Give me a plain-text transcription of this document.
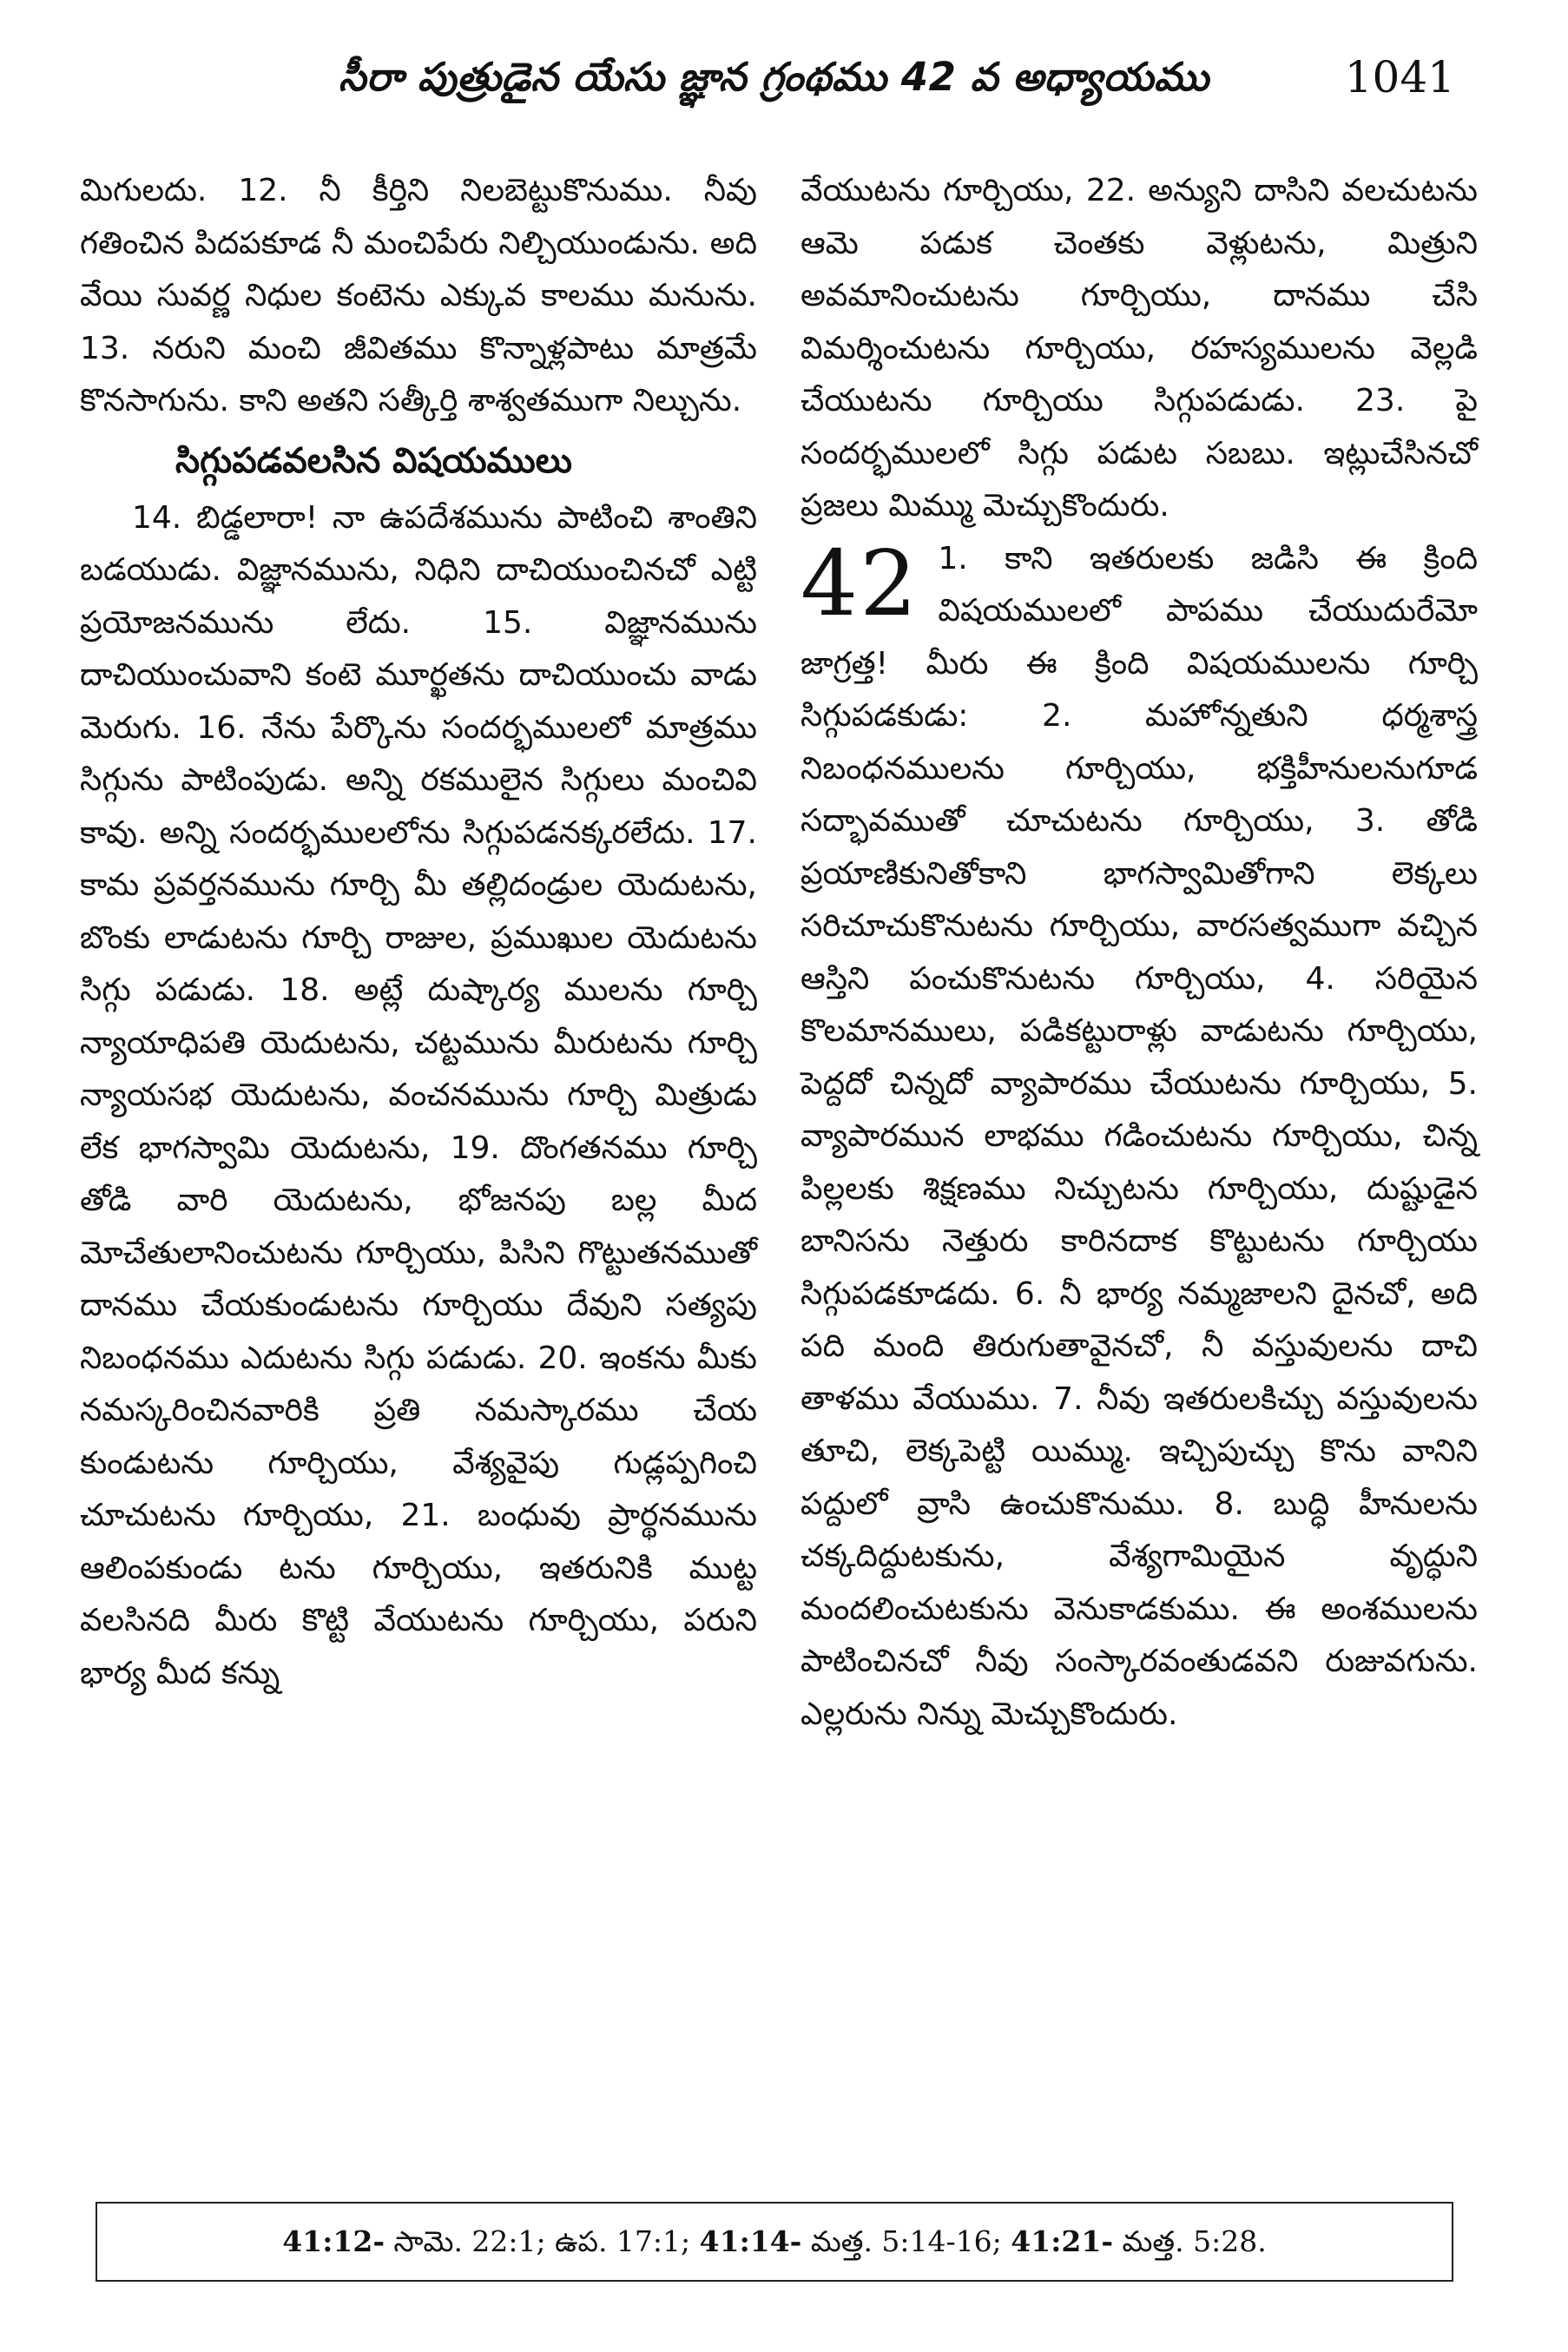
సీరా పుత్రుడైన యేసు జ్ఞాన గ్రంథము 42 వ అధ్యాయము	1041

మిగులదు. 12. నీ కీర్తిని నిలబెట్టుకొనుము. నీవు గతించిన పిదపకూడ నీ మంచిపేరు నిల్చియుండును. అది వేయి సువర్ణ నిధుల కంటెను ఎక్కువ కాలము మనును. 13. నరుని మంచి జీవితము కొన్నాళ్లపాటు మాత్రమే కొనసాగును. కాని అతని సత్కీర్తి శాశ్వతముగా నిల్చును.

సిగ్గుపడవలసిన విషయములు

14. బిడ్డలారా! నా ఉపదేశమును పాటించి శాంతిని బడయుడు. విజ్ఞానమును, నిధిని దాచియుంచినచో ఎట్టి ప్రయోజనమును లేదు. 15. విజ్ఞానమును దాచియుంచువాని కంటె మూర్ఖతను దాచియుంచు వాడు మెరుగు. 16. నేను పేర్కొను సందర్భములలో మాత్రము సిగ్గును పాటింపుడు. అన్ని రకములైన సిగ్గులు మంచివి కావు. అన్ని సందర్భములలోను సిగ్గుపడనక్కరలేదు. 17. కామ ప్రవర్తనమును గూర్చి మీ తల్లిదండ్రుల యెదుటను, బొంకు లాడుటను గూర్చి రాజుల, ప్రముఖుల యెదుటను సిగ్గు పడుడు. 18. అట్లే దుష్కార్య ములను గూర్చి న్యాయాధిపతి యెదుటను, చట్టమును మీరుటను గూర్చి న్యాయసభ యెదుటను, వంచనమును గూర్చి మిత్రుడు లేక భాగస్వామి యెదుటను, 19. దొంగతనము గూర్చి తోడి వారి యెదుటను, భోజనపు బల్ల మీద మోచేతులానించుటను గూర్చియు, పిసిని గొట్టుతనముతో దానము చేయకుండుటను గూర్చియు దేవుని సత్యపు నిబంధనము ఎదుటను సిగ్గు పడుడు. 20. ఇంకను మీకు నమస్కరించినవారికి ప్రతి నమస్కారము చేయ కుండుటను గూర్చియు, వేశ్యవైపు గుడ్లప్పగించి చూచుటను గూర్చియు, 21. బంధువు ప్రార్థనమును ఆలింపకుండు టను గూర్చియు, ఇతరునికి ముట్ట వలసినది మీరు కొట్టి వేయుటను గూర్చియు, పరుని భార్య మీద కన్ను

వేయుటను గూర్చియు, 22. అన్యుని దాసిని వలచుటను ఆమె పడుక చెంతకు వెళ్లుటను, మిత్రుని అవమానించుటను గూర్చియు, దానము చేసి విమర్శించుటను గూర్చియు, రహస్యములను వెల్లడి చేయుటను గూర్చియు సిగ్గుపడుడు. 23. పై సందర్భములలో సిగ్గు పడుట సబబు. ఇట్లుచేసినచో ప్రజలు మిమ్ము మెచ్చుకొందురు.

42 1. కాని ఇతరులకు జడిసి ఈ క్రింది విషయములలో పాపము చేయుదురేమో జాగ్రత్త! మీరు ఈ క్రింది విషయములను గూర్చి సిగ్గుపడకుడు: 2. మహోన్నతుని ధర్మశాస్త్ర నిబంధనములను గూర్చియు, భక్తిహీనులనుగూడ సద్భావముతో చూచుటను గూర్చియు, 3. తోడి ప్రయాణికునితోకాని భాగస్వామితోగాని లెక్కలు సరిచూచుకొనుటను గూర్చియు, వారసత్వముగా వచ్చిన ఆస్తిని పంచుకొనుటను గూర్చియు, 4. సరియైన కొలమానములు, పడికట్టురాళ్లు వాడుటను గూర్చియు, పెద్దదో చిన్నదో వ్యాపారము చేయుటను గూర్చియు, 5. వ్యాపారమున లాభము గడించుటను గూర్చియు, చిన్న పిల్లలకు శిక్షణము నిచ్చుటను గూర్చియు, దుష్టుడైన బానిసను నెత్తురు కారినదాక కొట్టుటను గూర్చియు సిగ్గుపడకూడదు. 6. నీ భార్య నమ్మజాలని దైనచో, అది పది మంది తిరుగుతావైనచో, నీ వస్తువులను దాచి తాళము వేయుము. 7. నీవు ఇతరులకిచ్చు వస్తువులను తూచి, లెక్కపెట్టి యిమ్ము. ఇచ్చిపుచ్చు కొను వానిని పద్దులో వ్రాసి ఉంచుకొనుము. 8. బుద్ధి హీనులను చక్కదిద్దుటకును, వేశ్యగామియైన వృద్ధుని మందలించుటకును వెనుకాడకుము. ఈ అంశములను పాటించినచో నీవు సంస్కారవంతుడవని రుజువగును. ఎల్లరును నిన్ను మెచ్చుకొందురు.

41:12- సామె. 22:1; ఉప. 17:1; 41:14- మత్త. 5:14-16; 41:21- మత్త. 5:28.
